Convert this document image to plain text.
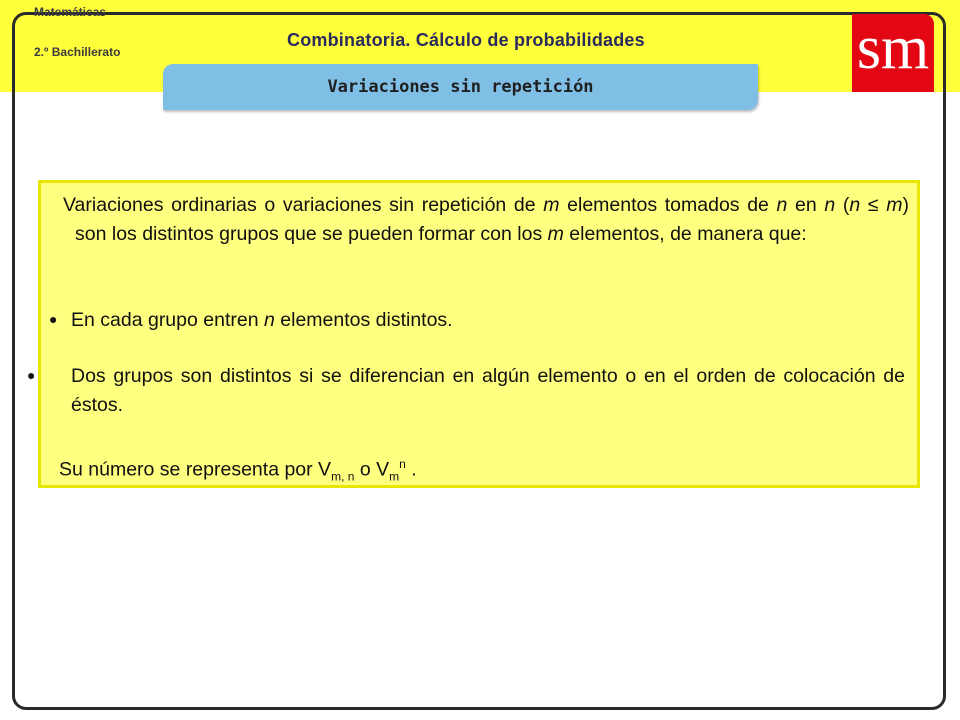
Matemáticas
2.º Bachillerato
Combinatoria. Cálculo de probabilidades	sm
Variaciones sin repetición
Variaciones ordinarias o variaciones sin repetición de m elementos tomados de n en n (n ≤ m) son los distintos grupos que se pueden formar con los m elementos, de manera que:
● En cada grupo entren n elementos distintos.
● Dos grupos son distintos si se diferencian en algún elemento o en el orden de colocación de éstos.
Su número se representa por $V_{m, n}$ o $V_m^n$ .
